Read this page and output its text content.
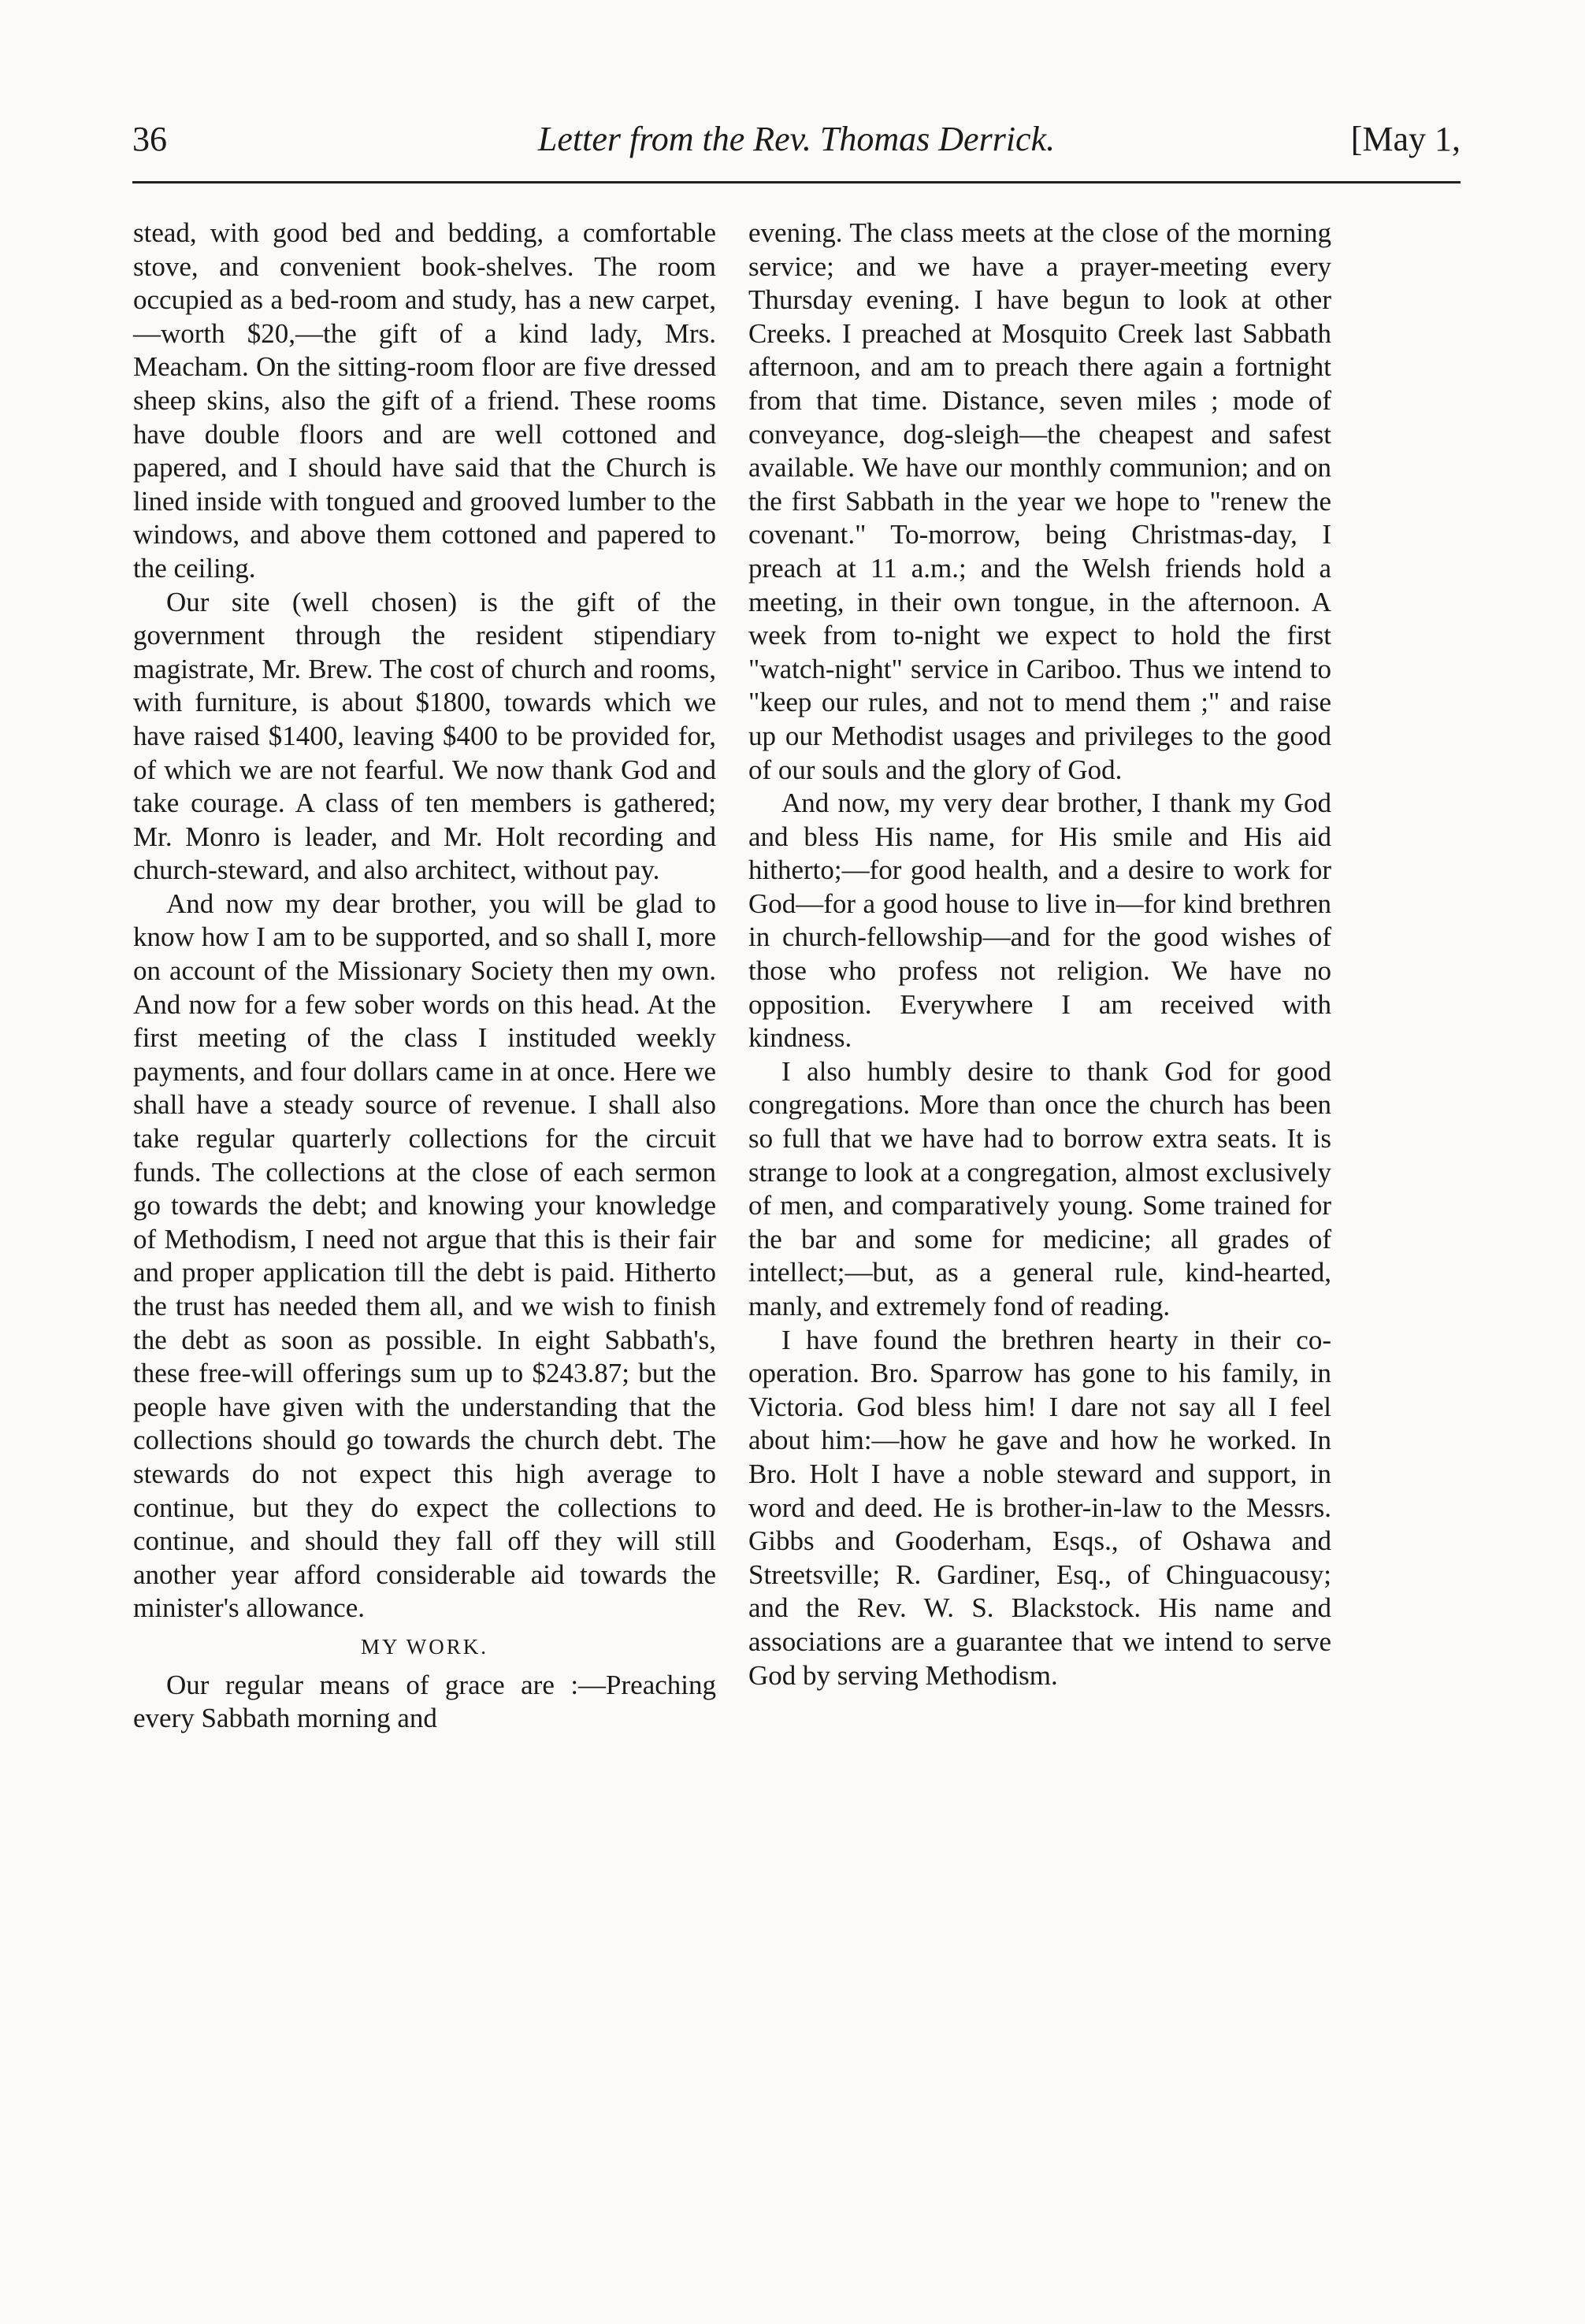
36	Letter from the Rev. Thomas Derrick.	[May 1,

stead, with good bed and bedding, a comfortable stove, and convenient book-shelves. The room occupied as a bed-room and study, has a new carpet,—worth $20,—the gift of a kind lady, Mrs. Meacham. On the sitting-room floor are five dressed sheep skins, also the gift of a friend. These rooms have double floors and are well cottoned and papered, and I should have said that the Church is lined inside with tongued and grooved lumber to the windows, and above them cottoned and papered to the ceiling.

Our site (well chosen) is the gift of the government through the resident stipendiary magistrate, Mr. Brew. The cost of church and rooms, with furniture, is about $1800, towards which we have raised $1400, leaving $400 to be provided for, of which we are not fearful. We now thank God and take courage. A class of ten members is gathered; Mr. Monro is leader, and Mr. Holt recording and church-steward, and also architect, without pay.

And now my dear brother, you will be glad to know how I am to be supported, and so shall I, more on account of the Missionary Society then my own. And now for a few sober words on this head. At the first meeting of the class I instituded weekly payments, and four dollars came in at once. Here we shall have a steady source of revenue. I shall also take regular quarterly collections for the circuit funds. The collections at the close of each sermon go towards the debt; and knowing your knowledge of Methodism, I need not argue that this is their fair and proper application till the debt is paid. Hitherto the trust has needed them all, and we wish to finish the debt as soon as possible. In eight Sabbath's, these free-will offerings sum up to $243.87; but the people have given with the understanding that the collections should go towards the church debt. The stewards do not expect this high average to continue, but they do expect the collections to continue, and should they fall off they will still another year afford considerable aid towards the minister's allowance.

MY WORK.

Our regular means of grace are :—Preaching every Sabbath morning and

evening. The class meets at the close of the morning service; and we have a prayer-meeting every Thursday evening. I have begun to look at other Creeks. I preached at Mosquito Creek last Sabbath afternoon, and am to preach there again a fortnight from that time. Distance, seven miles ; mode of conveyance, dog-sleigh—the cheapest and safest available. We have our monthly communion; and on the first Sabbath in the year we hope to "renew the covenant." To-morrow, being Christmas-day, I preach at 11 a.m.; and the Welsh friends hold a meeting, in their own tongue, in the afternoon. A week from to-night we expect to hold the first "watch-night" service in Cariboo. Thus we intend to "keep our rules, and not to mend them ;" and raise up our Methodist usages and privileges to the good of our souls and the glory of God.

And now, my very dear brother, I thank my God and bless His name, for His smile and His aid hitherto;—for good health, and a desire to work for God—for a good house to live in—for kind brethren in church-fellowship—and for the good wishes of those who profess not religion. We have no opposition. Everywhere I am received with kindness.

I also humbly desire to thank God for good congregations. More than once the church has been so full that we have had to borrow extra seats. It is strange to look at a congregation, almost exclusively of men, and comparatively young. Some trained for the bar and some for medicine; all grades of intellect;—but, as a general rule, kind-hearted, manly, and extremely fond of reading.

I have found the brethren hearty in their co-operation. Bro. Sparrow has gone to his family, in Victoria. God bless him! I dare not say all I feel about him:—how he gave and how he worked. In Bro. Holt I have a noble steward and support, in word and deed. He is brother-in-law to the Messrs. Gibbs and Gooderham, Esqs., of Oshawa and Streetsville; R. Gardiner, Esq., of Chinguacousy; and the Rev. W. S. Blackstock. His name and associations are a guarantee that we intend to serve God by serving Methodism.
